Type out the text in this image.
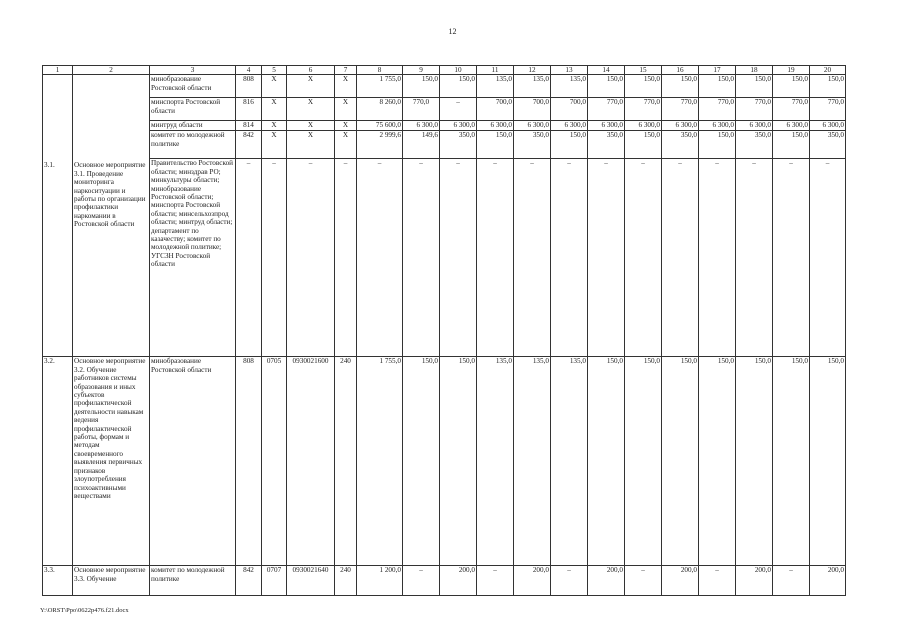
12
1	2	3	4	5	6	7	8	9	10	11	12	13	14	15	16	17	18	19	20
3.1.	Основное мероприятие 3.1. Проведение мониторинга наркоситуации и работы по организации профилактики наркомании в Ростовской области	минобразование Ростовской области	808	X	X	X	1 755,0	150,0	150,0	135,0	135,0	135,0	150,0	150,0	150,0	150,0	150,0	150,0	150,0
		минспорта Ростовской области	816	X	X	X	8 260,0	770,0	–	700,0	700,0	700,0	770,0	770,0	770,0	770,0	770,0	770,0	770,0
		минтруд области	814	X	X	X	75 600,0	6 300,0	6 300,0	6 300,0	6 300,0	6 300,0	6 300,0	6 300,0	6 300,0	6 300,0	6 300,0	6 300,0	6 300,0
		комитет по молодежной политике	842	X	X	X	2 999,6	149,6	350,0	150,0	350,0	150,0	350,0	150,0	350,0	150,0	350,0	150,0	350,0
		Правительство Ростовской области; минздрав РО; минкультуры области; минобразование Ростовской области; минспорта Ростовской области; минсельхозпрод области; минтруд области; департамент по казачеству; комитет по молодежной политике; УГСЗН Ростовской области	–	–	–	–	–	–	–	–	–	–	–	–	–	–	–	–	–
3.2.	Основное мероприятие 3.2. Обучение работников системы образования и иных субъектов профилактической деятельности навыкам ведения профилактической работы, формам и методам своевременного выявления первичных признаков злоупотребления психоактивными веществами	минобразование Ростовской области	808	0705	0930021600	240	1 755,0	150,0	150,0	135,0	135,0	135,0	150,0	150,0	150,0	150,0	150,0	150,0	150,0
3.3.	Основное мероприятие 3.3. Обучение	комитет по молодежной политике	842	0707	0930021640	240	1 200,0	–	200,0	–	200,0	–	200,0	–	200,0	–	200,0	–	200,0
Y:\ORST\Ppo\0622p476.f21.docx
